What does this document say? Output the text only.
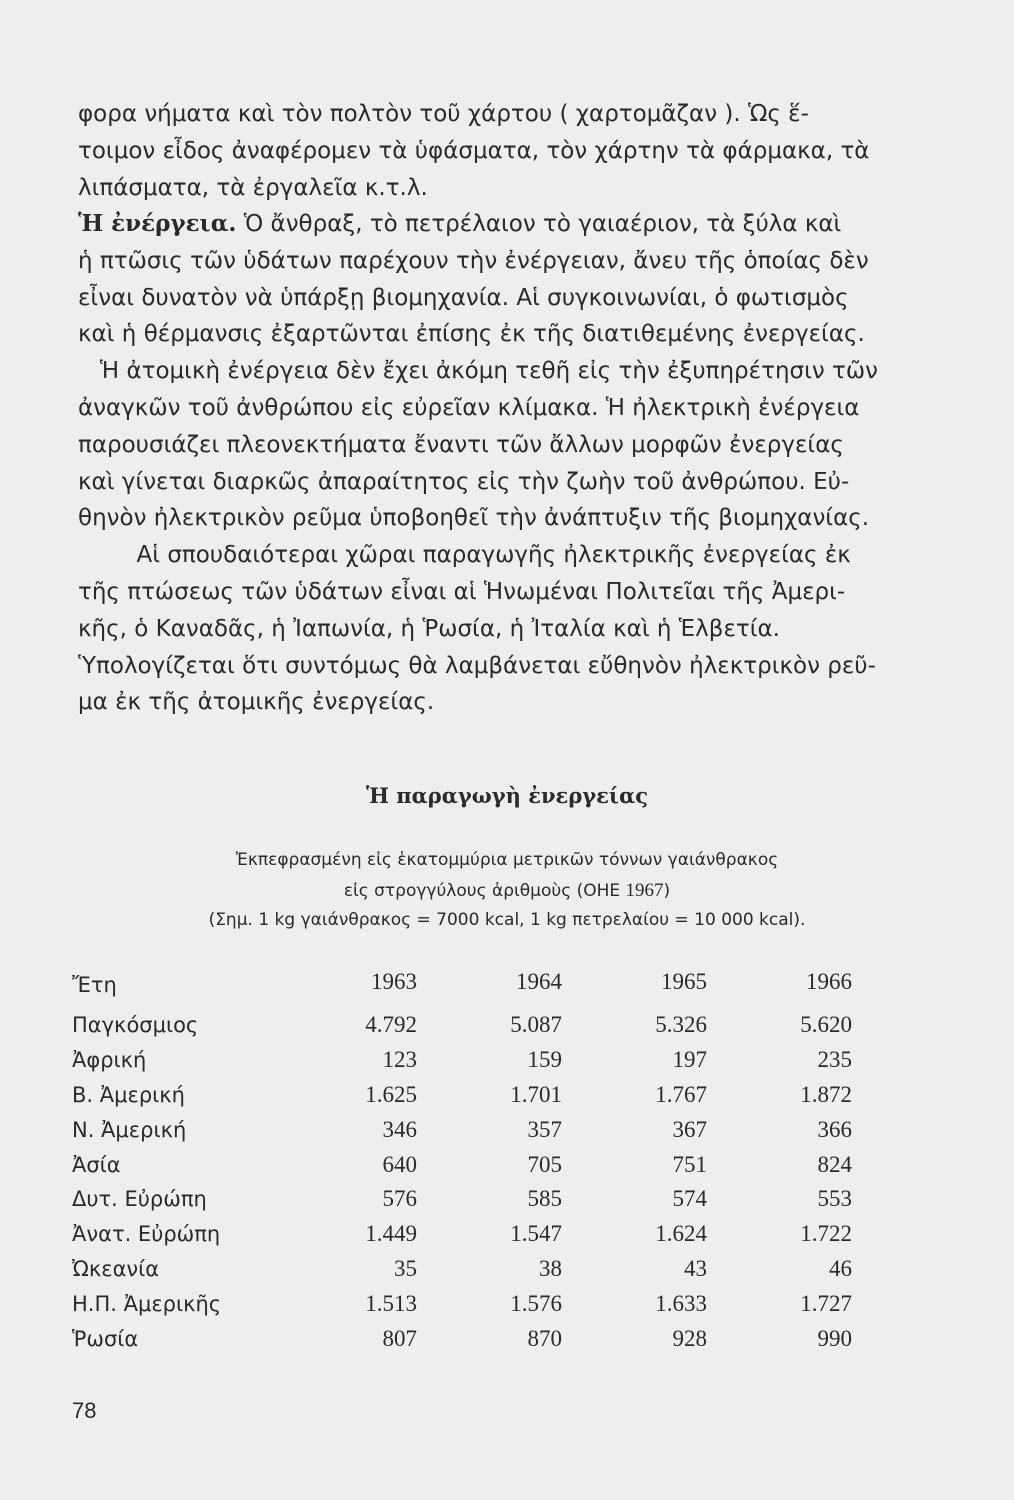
φορα νήματα καὶ τὸν πολτὸν τοῦ χάρτου ( χαρτομᾶζαν ). Ὡς ἕ-
τοιμον εἶδος ἀναφέρομεν τὰ ὑφάσματα, τὸν χάρτην τὰ φάρμακα, τὰ
λιπάσματα, τὰ ἐργαλεῖα κ.τ.λ.
Ἡ ἐνέργεια. Ὁ ἄνθραξ, τὸ πετρέλαιον τὸ γαιαέριον, τὰ ξύλα καὶ
ἡ πτῶσις τῶν ὑδάτων παρέχουν τὴν ἐνέργειαν, ἄνευ τῆς ὁποίας δὲν
εἶναι δυνατὸν νὰ ὑπάρξῃ βιομηχανία. Αἱ συγκοινωνίαι, ὁ φωτισμὸς
καὶ ἡ θέρμανσις ἐξαρτῶνται ἐπίσης ἐκ τῆς διατιθεμένης ἐνεργείας.
Ἡ ἀτομικὴ ἐνέργεια δὲν ἔχει ἀκόμη τεθῆ εἰς τὴν ἐξυπηρέτησιν τῶν
ἀναγκῶν τοῦ ἀνθρώπου εἰς εὐρεῖαν κλίμακα. Ἡ ἠλεκτρικὴ ἐνέργεια
παρουσιάζει πλεονεκτήματα ἔναντι τῶν ἄλλων μορφῶν ἐνεργείας
καὶ γίνεται διαρκῶς ἀπαραίτητος εἰς τὴν ζωὴν τοῦ ἀνθρώπου. Εὐ-
θηνὸν ἠλεκτρικὸν ρεῦμα ὑποβοηθεῖ τὴν ἀνάπτυξιν τῆς βιομηχανίας.
Αἱ σπουδαιότεραι χῶραι παραγωγῆς ἠλεκτρικῆς ἐνεργείας ἐκ
τῆς πτώσεως τῶν ὑδάτων εἶναι αἱ Ἡνωμέναι Πολιτεῖαι τῆς Ἀμερι-
κῆς, ὁ Καναδᾶς, ἡ Ἰαπωνία, ἡ Ῥωσία, ἡ Ἰταλία καὶ ἡ Ἑλβετία.
Ὑπολογίζεται ὅτι συντόμως θὰ λαμβάνεται εὔθηνὸν ἠλεκτρικὸν ρεῦ-
μα ἐκ τῆς ἀτομικῆς ἐνεργείας.
Ἡ παραγωγὴ ἐνεργείας
Ἐκπεφρασμένη εἰς ἑκατομμύρια μετρικῶν τόννων γαιάνθρακος
εἰς στρογγύλους ἀριθμοὺς (ΟΗΕ 1967)
(Σημ. 1 kg γαιάνθρακος = 7000 kcal, 1 kg πετρελαίου = 10 000 kcal).
Ἔτη	1963	1964	1965	1966
Παγκόσμιος	4.792	5.087	5.326	5.620
Ἀφρική	123	159	197	235
Β. Ἀμερική	1.625	1.701	1.767	1.872
Ν. Ἀμερική	346	357	367	366
Ἀσία	640	705	751	824
Δυτ. Εὐρώπη	576	585	574	553
Ἀνατ. Εὐρώπη	1.449	1.547	1.624	1.722
Ὠκεανία	35	38	43	46
Η.Π. Ἀμερικῆς	1.513	1.576	1.633	1.727
Ῥωσία	807	870	928	990
78
